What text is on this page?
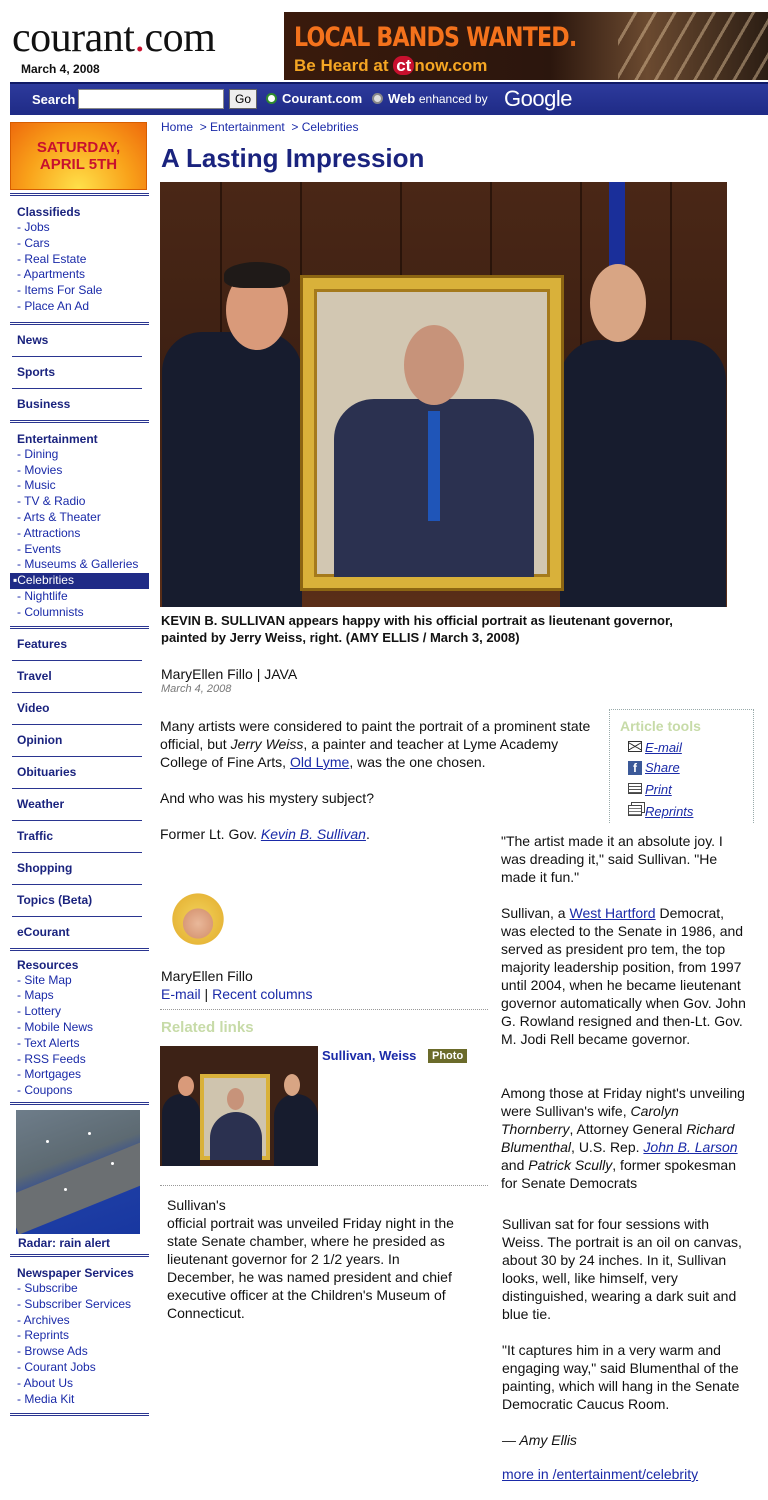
courant.com
March 4, 2008
LOCAL BANDS WANTED.
Be Heard at ct now.com
Search	Go	Courant.com	Web enhanced by Google
SATURDAY,
APRIL 5TH
Classifieds
- Jobs
- Cars
- Real Estate
- Apartments
- Items For Sale
- Place An Ad
News
Sports
Business
Entertainment
- Dining
- Movies
- Music
- TV & Radio
- Arts & Theater
- Attractions
- Events
- Museums & Galleries
▪Celebrities
- Nightlife
- Columnists
Features
Travel
Video
Opinion
Obituaries
Weather
Traffic
Shopping
Topics (Beta)
eCourant
Resources
- Site Map
- Maps
- Lottery
- Mobile News
- Text Alerts
- RSS Feeds
- Mortgages
- Coupons
Radar: rain alert
Newspaper Services
- Subscribe
- Subscriber Services
- Archives
- Reprints
- Browse Ads
- Courant Jobs
- About Us
- Media Kit
Home > Entertainment > Celebrities
A Lasting Impression

KEVIN B. SULLIVAN appears happy with his official portrait as lieutenant governor, painted by Jerry Weiss, right. (AMY ELLIS / March 3, 2008)

MaryEllen Fillo | JAVA
March 4, 2008

Many artists were considered to paint the portrait of a prominent state official, but Jerry Weiss, a painter and teacher at Lyme Academy College of Fine Arts, Old Lyme, was the one chosen.

And who was his mystery subject?

Former Lt. Gov. Kevin B. Sullivan.

Article tools
E-mail
f Share
Print
Reprints

"The artist made it an absolute joy. I was dreading it," said Sullivan. "He made it fun."

Sullivan, a West Hartford Democrat, was elected to the Senate in 1986, and served as president pro tem, the top majority leadership position, from 1997 until 2004, when he became lieutenant governor automatically when Gov. John G. Rowland resigned and then-Lt. Gov. M. Jodi Rell became governor.

Among those at Friday night's unveiling were Sullivan's wife, Carolyn Thornberry, Attorney General Richard Blumenthal, U.S. Rep. John B. Larson and Patrick Scully, former spokesman for Senate Democrats

Sullivan sat for four sessions with Weiss. The portrait is an oil on canvas, about 30 by 24 inches. In it, Sullivan looks, well, like himself, very distinguished, wearing a dark suit and blue tie.

"It captures him in a very warm and engaging way," said Blumenthal of the painting, which will hang in the Senate Democratic Caucus Room.

— Amy Ellis

more in /entertainment/celebrity
MaryEllen Fillo
E-mail | Recent columns
Related links
Sullivan, Weiss	Photo

Sullivan's

official portrait was unveiled Friday night in the state Senate chamber, where he presided as lieutenant governor for 2 1/2 years. In December, he was named president and chief executive officer at the Children's Museum of Connecticut.
